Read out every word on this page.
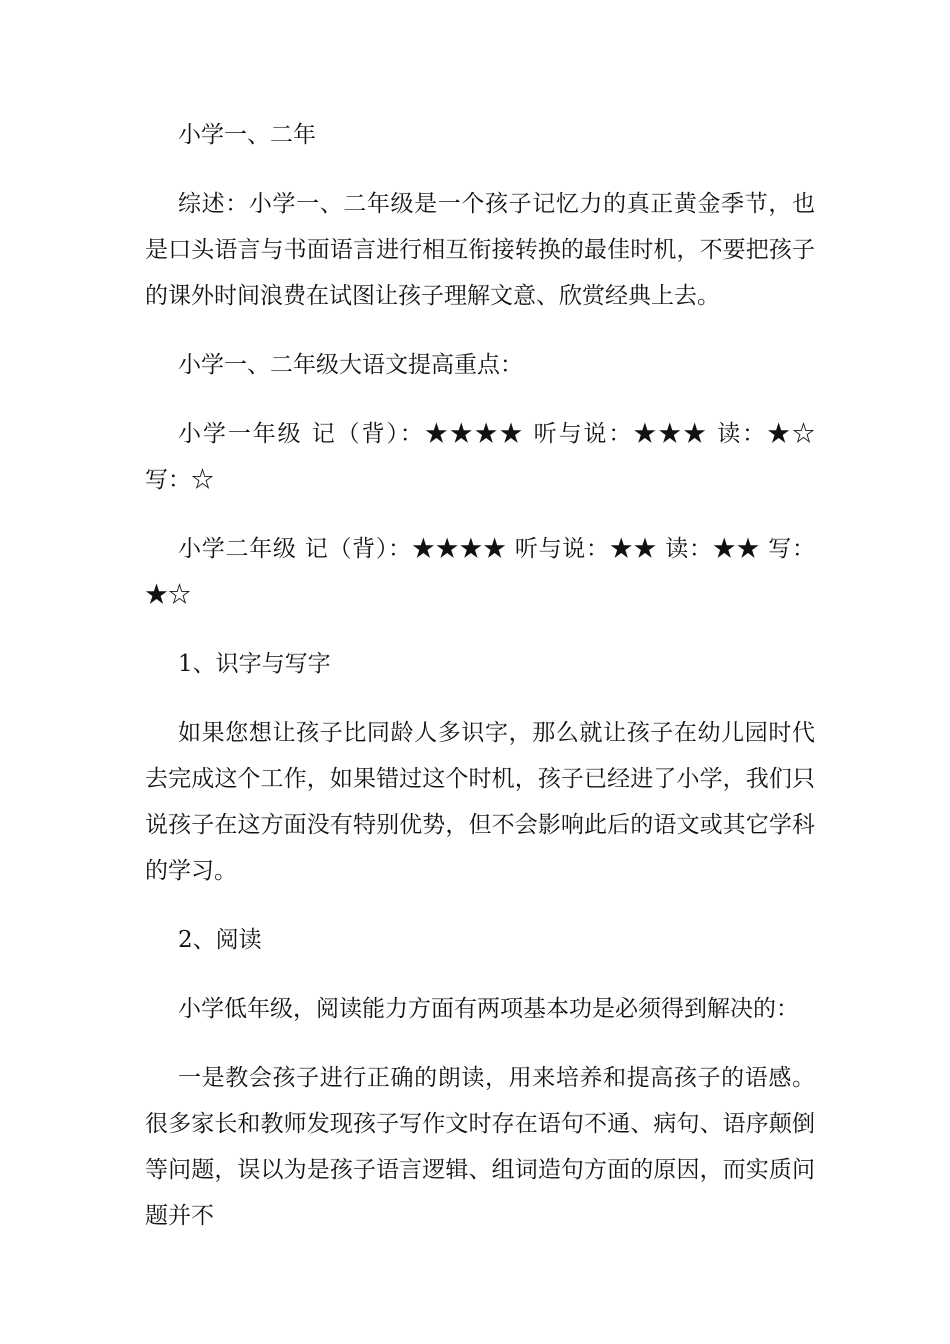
小学一、二年

综述：小学一、二年级是一个孩子记忆力的真正黄金季节，也是口头语言与书面语言进行相互衔接转换的最佳时机，不要把孩子的课外时间浪费在试图让孩子理解文意、欣赏经典上去。

小学一、二年级大语文提高重点：

小学一年级 记（背）：★★★★ 听与说：★★★ 读：★☆ 写：☆

小学二年级 记（背）：★★★★ 听与说：★★ 读：★★ 写：★☆

1、识字与写字

如果您想让孩子比同龄人多识字，那么就让孩子在幼儿园时代去完成这个工作，如果错过这个时机，孩子已经进了小学，我们只说孩子在这方面没有特别优势，但不会影响此后的语文或其它学科的学习。

2、阅读

小学低年级，阅读能力方面有两项基本功是必须得到解决的：

一是教会孩子进行正确的朗读，用来培养和提高孩子的语感。很多家长和教师发现孩子写作文时存在语句不通、病句、语序颠倒等问题，误以为是孩子语言逻辑、组词造句方面的原因，而实质问题并不
